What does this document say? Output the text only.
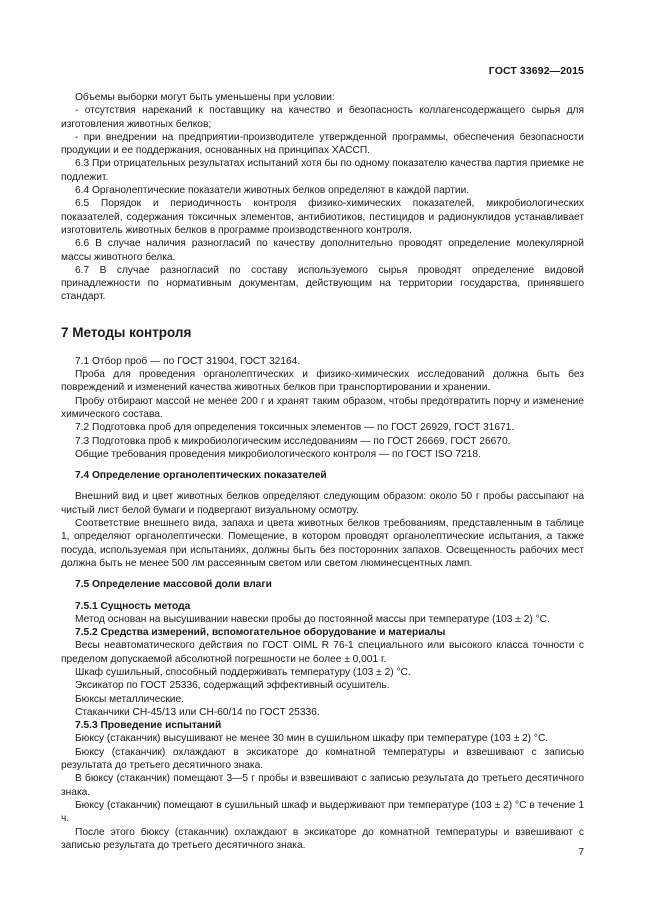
ГОСТ 33692—2015

Объемы выборки могут быть уменьшены при условии:

- отсутствия нареканий к поставщику на качество и безопасность коллагенсодержащего сырья для изготовления животных белков;

- при внедрении на предприятии-производителе утвержденной программы, обеспечения безопасности продукции и ее поддержания, основанных на принципах ХАССП.

6.3 При отрицательных результатах испытаний хотя бы по одному показателю качества партия приемке не подлежит.

6.4 Органолептические показатели животных белков определяют в каждой партии.

6.5 Порядок и периодичность контроля физико-химических показателей, микробиологических показателей, содержания токсичных элементов, антибиотиков, пестицидов и радионуклидов устанавливает изготовитель животных белков в программе производственного контроля.

6.6 В случае наличия разногласий по качеству дополнительно проводят определение молекулярной массы животного белка.

6.7 В случае разногласий по составу используемого сырья проводят определение видовой принадлежности по нормативным документам, действующим на территории государства, принявшего стандарт.

7 Методы контроля

7.1 Отбор проб — по ГОСТ 31904, ГОСТ 32164.

Проба для проведения органолептических и физико-химических исследований должна быть без повреждений и изменений качества животных белков при транспортировании и хранении.

Пробу отбирают массой не менее 200 г и хранят таким образом, чтобы предотвратить порчу и изменение химического состава.

7.2 Подготовка проб для определения токсичных элементов — по ГОСТ 26929, ГОСТ 31671.

7.3 Подготовка проб к микробиологическим исследованиям — по ГОСТ 26669, ГОСТ 26670.

Общие требования проведения микробиологического контроля — по ГОСТ ISO 7218.

7.4 Определение органолептических показателей

Внешний вид и цвет животных белков определяют следующим образом: около 50 г пробы рассыпают на чистый лист белой бумаги и подвергают визуальному осмотру.

Соответствие внешнего вида, запаха и цвета животных белков требованиям, представленным в таблице 1, определяют органолептически. Помещение, в котором проводят органолептические испытания, а также посуда, используемая при испытаниях, должны быть без посторонних запахов. Освещенность рабочих мест должна быть не менее 500 лм рассеянным светом или светом люминесцентных ламп.

7.5 Определение массовой доли влаги
7.5.1 Сущность метода

Метод основан на высушивании навески пробы до постоянной массы при температуре (103 ± 2) °С.

7.5.2 Средства измерений, вспомогательное оборудование и материалы

Весы неавтоматического действия по ГОСТ OIML R 76-1 специального или высокого класса точности с пределом допускаемой абсолютной погрешности не более ± 0,001 г.

Шкаф сушильный, способный поддерживать температуру (103 ± 2) °С.

Эксикатор по ГОСТ 25336, содержащий эффективный осушитель.

Бюксы металлические.

Стаканчики СН-45/13 или СН-60/14 по ГОСТ 25336.

7.5.3 Проведение испытаний

Бюксу (стаканчик) высушивают не менее 30 мин в сушильном шкафу при температуре (103 ± 2) °С.

Бюксу (стаканчик) охлаждают в эксикаторе до комнатной температуры и взвешивают с записью результата до третьего десятичного знака.

В бюксу (стаканчик) помещают 3—5 г пробы и взвешивают с записью результата до третьего десятичного знака.

Бюксу (стаканчик) помещают в сушильный шкаф и выдерживают при температуре (103 ± 2) °С в течение 1 ч.

После этого бюксу (стаканчик) охлаждают в эксикаторе до комнатной температуры и взвешивают с записью результата до третьего десятичного знака.

7
